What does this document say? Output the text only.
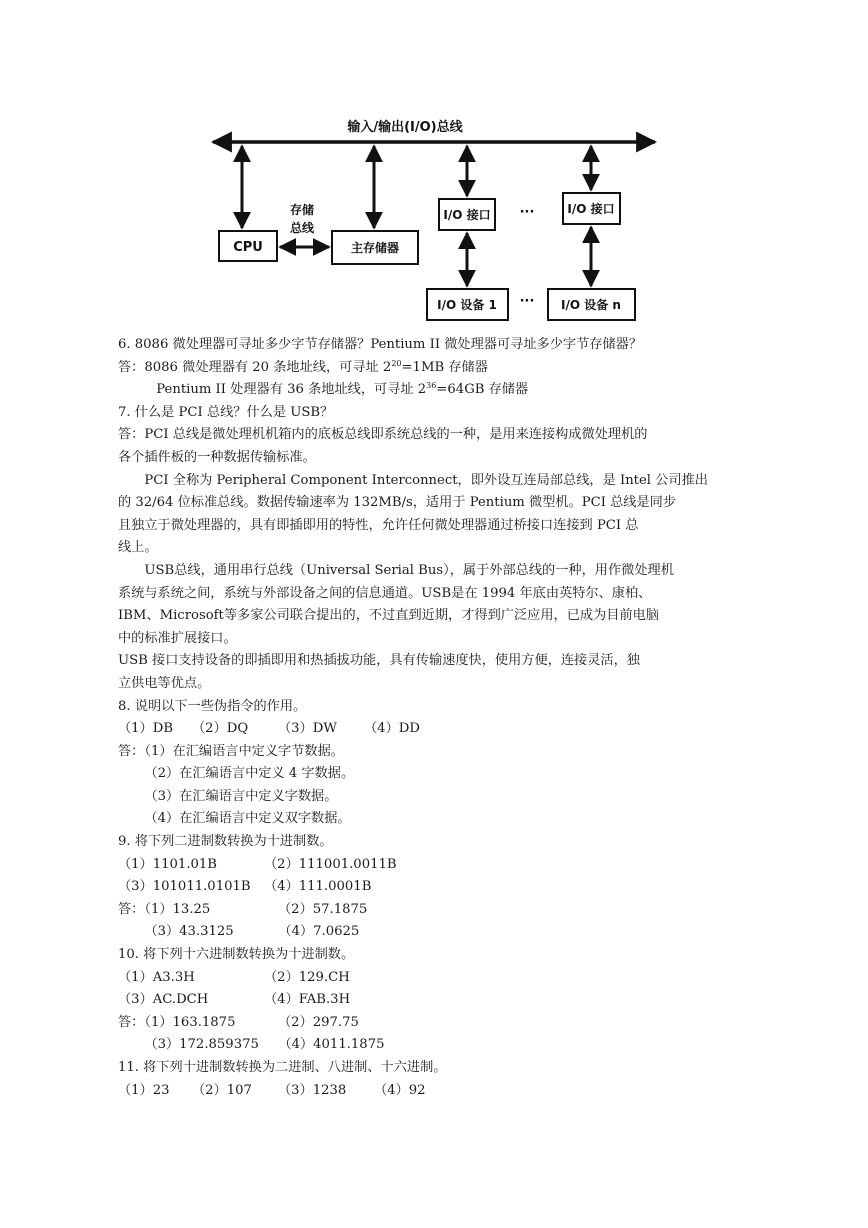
输入/输出(I/O)总线
CPU
存储
总线
主存储器
I/O 接口	I/O 接口
···
···
I/O 设备 1	I/O 设备 n
6. 8086 微处理器可寻址多少字节存储器？Pentium II 微处理器可寻址多少字节存储器？
答：8086 微处理器有 20 条地址线，可寻址 $2^{20}=1MB$ 存储器
Pentium II 处理器有 36 条地址线，可寻址 $2^{36}=64GB$ 存储器
7. 什么是 PCI 总线？什么是 USB？
答：PCI 总线是微处理机机箱内的底板总线即系统总线的一种，是用来连接构成微处理机的
各个插件板的一种数据传输标准。
PCI 全称为 Peripheral Component Interconnect，即外设互连局部总线，是 Intel 公司推出
的 32/64 位标准总线。数据传输速率为 132MB/s，适用于 Pentium 微型机。PCI 总线是同步
且独立于微处理器的，具有即插即用的特性，允许任何微处理器通过桥接口连接到 PCI 总
线上。
USB总线，通用串行总线（Universal Serial Bus），属于外部总线的一种，用作微处理机
系统与系统之间，系统与外部设备之间的信息通道。USB是在 1994 年底由英特尔、康柏、
IBM、Microsoft等多家公司联合提出的，不过直到近期，才得到广泛应用，已成为目前电脑
中的标准扩展接口。
USB 接口支持设备的即插即用和热插拔功能，具有传输速度快，使用方便，连接灵活，独
立供电等优点。
8. 说明以下一些伪指令的作用。
（1）DB （2）DQ （3）DW （4）DD
答：（1）在汇编语言中定义字节数据。
（2）在汇编语言中定义 4 字数据。
（3）在汇编语言中定义字数据。
（4）在汇编语言中定义双字数据。
9. 将下列二进制数转换为十进制数。
（1）1101.01B	（2）111001.0011B
（3）101011.0101B （4）111.0001B
答：（1）13.25	（2）57.1875
（3）43.3125	（4）7.0625
10. 将下列十六进制数转换为十进制数。
（1）A3.3H	（2）129.CH
（3）AC.DCH	（4）FAB.3H
答：（1）163.1875	（2）297.75
（3）172.859375 （4）4011.1875
11. 将下列十进制数转换为二进制、八进制、十六进制。
（1）23 （2）107 （3）1238 （4）92
